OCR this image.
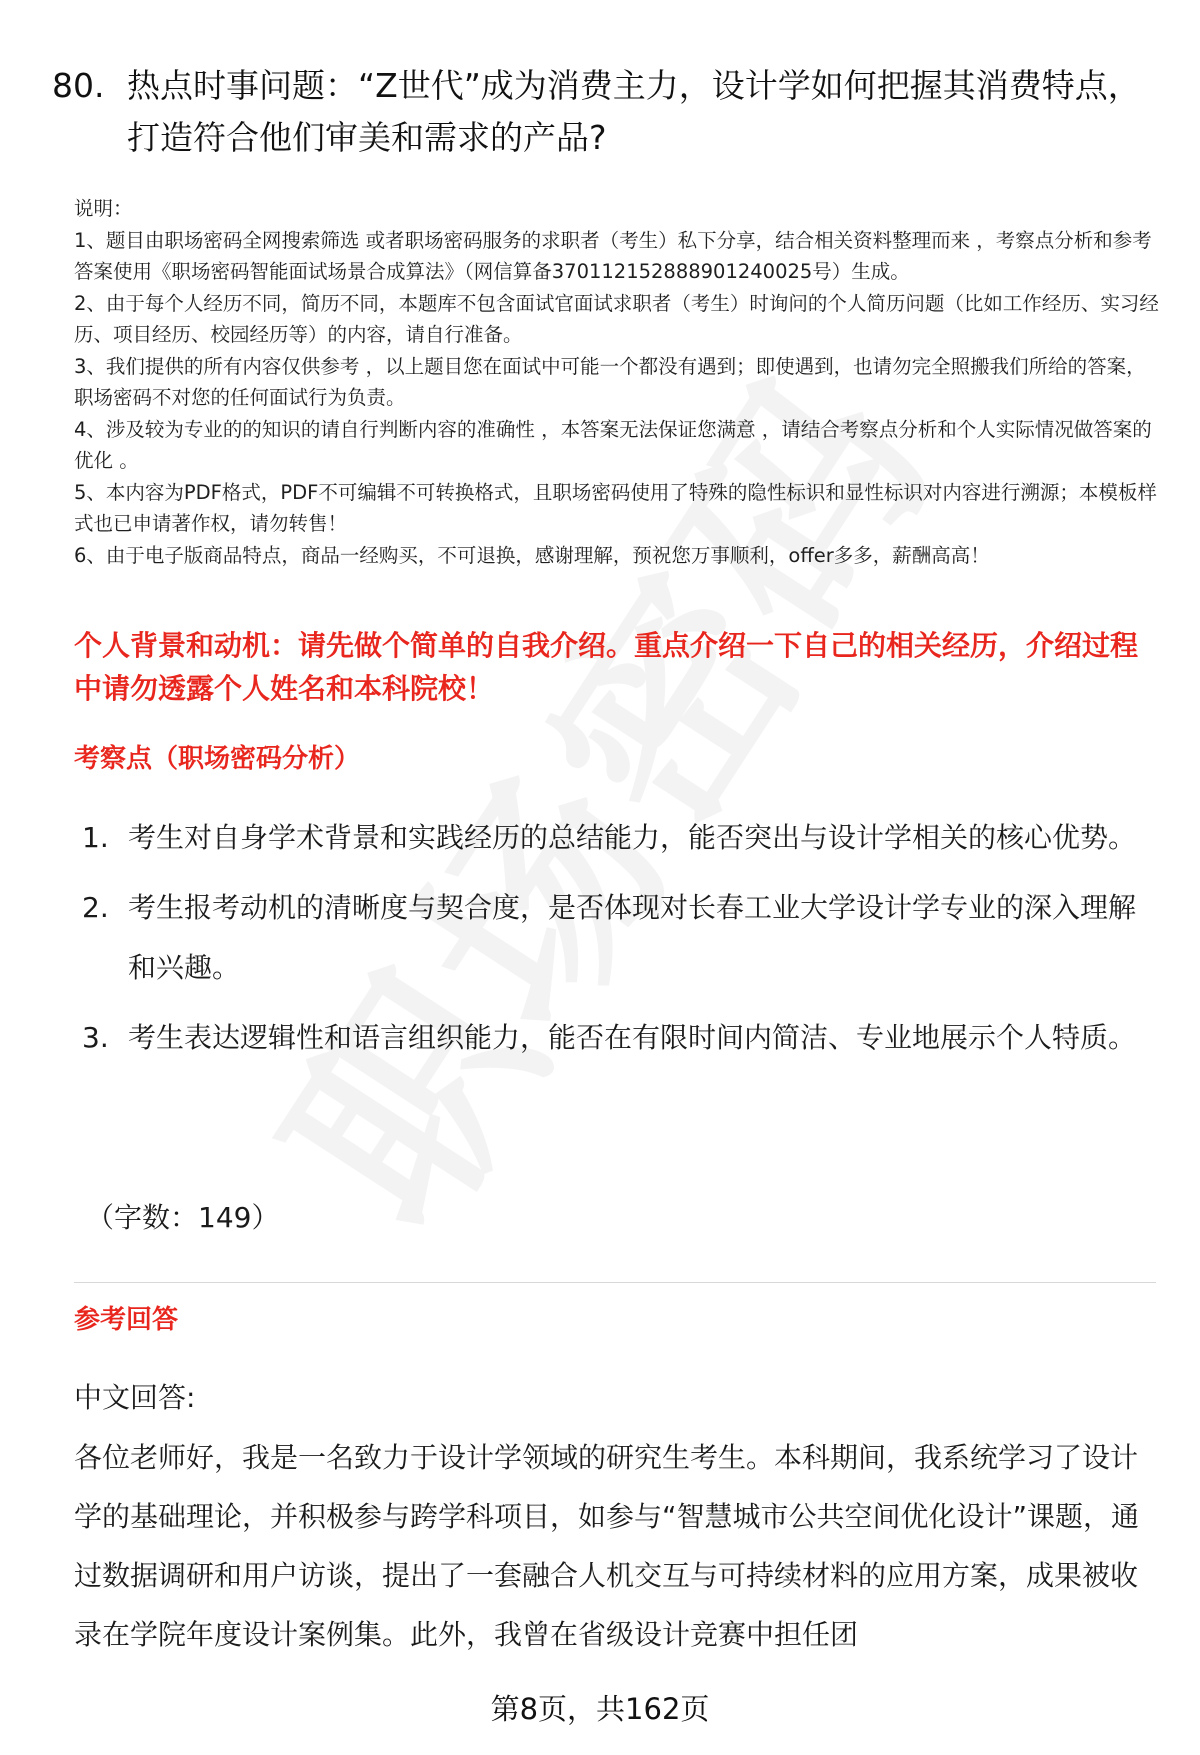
80. 热点时事问题：“Z世代”成为消费主力，设计学如何把握其消费特点，打造符合他们审美和需求的产品?

说明：

1、题目由职场密码全网搜索筛选 或者职场密码服务的求职者（考生）私下分享，结合相关资料整理而来 ，考察点分析和参考答案使用《职场密码智能面试场景合成算法》（网信算备370112152888901240025号）生成。

2、由于每个人经历不同，简历不同，本题库不包含面试官面试求职者（考生）时询问的个人简历问题（比如工作经历、实习经历、项目经历、校园经历等）的内容，请自行准备。

3、我们提供的所有内容仅供参考 ，以上题目您在面试中可能一个都没有遇到；即使遇到，也请勿完全照搬我们所给的答案，职场密码不对您的任何面试行为负责。

4、涉及较为专业的的知识的请自行判断内容的准确性 ，本答案无法保证您满意 ，请结合考察点分析和个人实际情况做答案的优化 。

5、本内容为PDF格式，PDF不可编辑不可转换格式，且职场密码使用了特殊的隐性标识和显性标识对内容进行溯源；本模板样式也已申请著作权，请勿转售！

6、由于电子版商品特点，商品一经购买，不可退换，感谢理解，预祝您万事顺利，offer多多，薪酬高高！

个人背景和动机：请先做个简单的自我介绍。重点介绍一下自己的相关经历，介绍过程中请勿透露个人姓名和本科院校！
考察点（职场密码分析）
1. 考生对自身学术背景和实践经历的总结能力，能否突出与设计学相关的核心优势。
2. 考生报考动机的清晰度与契合度，是否体现对长春工业大学设计学专业的深入理解和兴趣。
3. 考生表达逻辑性和语言组织能力，能否在有限时间内简洁、专业地展示个人特质。
（字数：149）
参考回答
中文回答:

各位老师好，我是一名致力于设计学领域的研究生考生。本科期间，我系统学习了设计学的基础理论，并积极参与跨学科项目，如参与“智慧城市公共空间优化设计”课题，通过数据调研和用户访谈，提出了一套融合人机交互与可持续材料的应用方案，成果被收录在学院年度设计案例集。此外，我曾在省级设计竞赛中担任团

第8页，共162页
